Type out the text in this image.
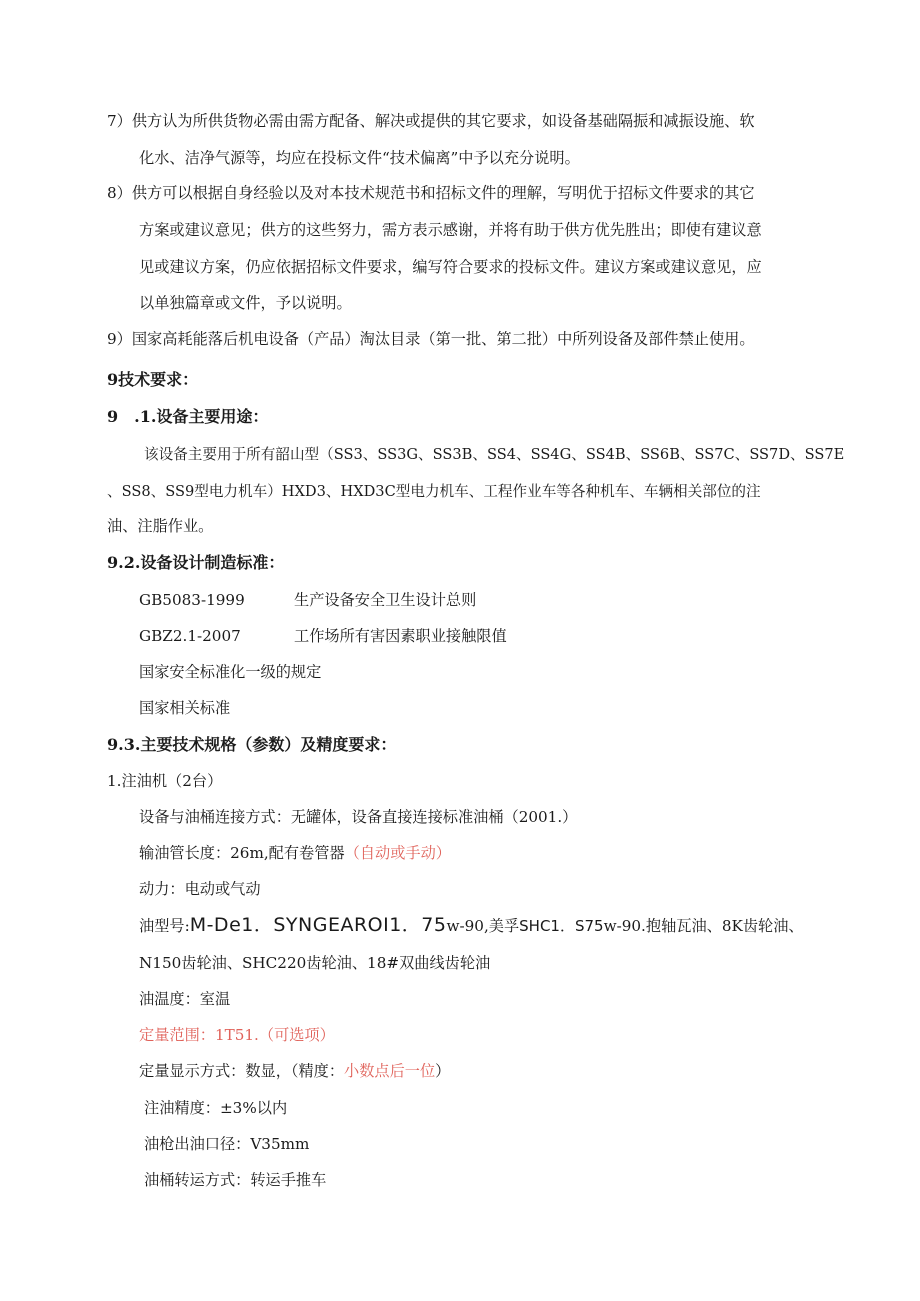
7）供方认为所供货物必需由需方配备、解决或提供的其它要求，如设备基础隔振和减振设施、软
化水、洁净气源等，均应在投标文件“技术偏离”中予以充分说明。
8）供方可以根据自身经验以及对本技术规范书和招标文件的理解，写明优于招标文件要求的其它
方案或建议意见；供方的这些努力，需方表示感谢，并将有助于供方优先胜出；即使有建议意
见或建议方案，仍应依据招标文件要求，编写符合要求的投标文件。建议方案或建议意见，应
以单独篇章或文件，予以说明。
9）国家高耗能落后机电设备（产品）淘汰目录（第一批、第二批）中所列设备及部件禁止使用。
9技术要求：
9　.1.设备主要用途：
该设备主要用于所有韶山型（SS3、SS3G、SS3B、SS4、SS4G、SS4B、SS6B、SS7C、SS7D、SS7E
、SS8、SS9型电力机车）HXD3、HXD3C型电力机车、工程作业车等各种机车、车辆相关部位的注
油、注脂作业。
9.2.设备设计制造标准：
GB5083-1999	生产设备安全卫生设计总则
GBZ2.1-2007	工作场所有害因素职业接触限值
国家安全标准化一级的规定
国家相关标准
9.3.主要技术规格（参数）及精度要求：
1.注油机（2台）
设备与油桶连接方式：无罐体，设备直接连接标准油桶（2001.）
输油管长度：26m,配有卷管器（自动或手动）
动力：电动或气动
油型号:M-De1．SYNGEAROI1．75w-90,美孚SHC1．S75w-90.抱轴瓦油、8K齿轮油、
N150齿轮油、SHC220齿轮油、18#双曲线齿轮油
油温度：室温
定量范围：1T51.（可选项）
定量显示方式：数显，（精度：小数点后一位）
注油精度：±3%以内
油枪出油口径：V35mm
油桶转运方式：转运手推车
